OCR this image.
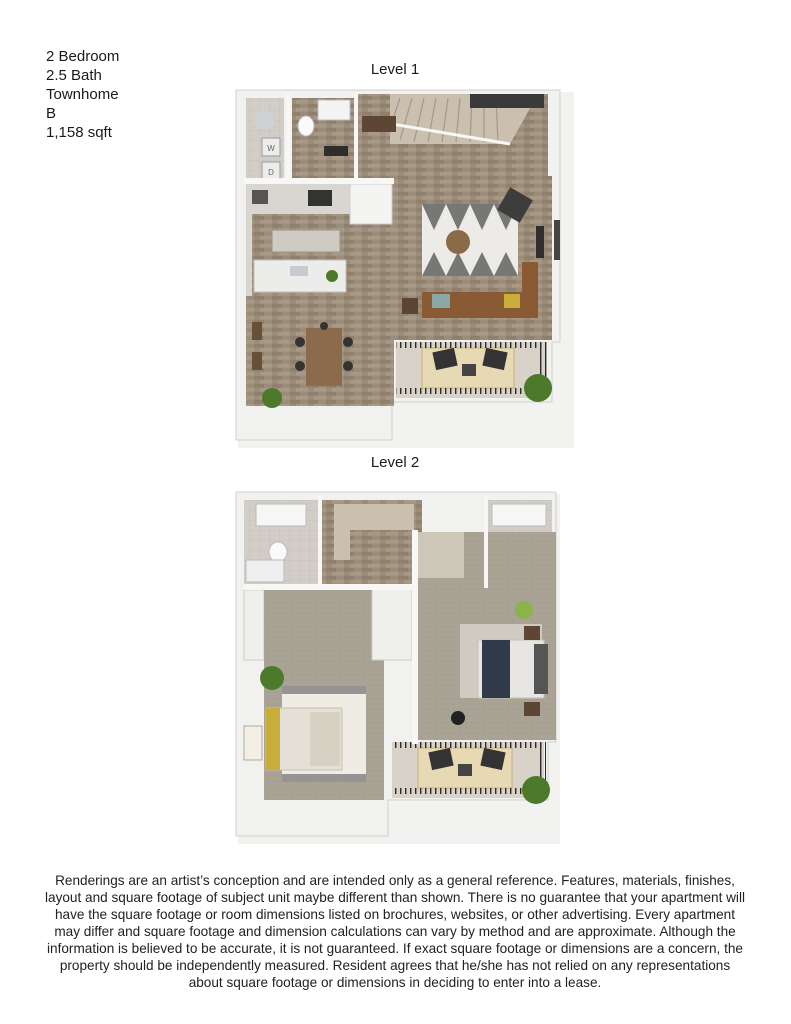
2 Bedroom
2.5 Bath
Townhome
B
1,158 sqft
Level 1
W
D
Level 2

Renderings are an artist’s conception and are intended only as a general reference. Features, materials, finishes, layout and square footage of subject unit maybe different than shown. There is no guarantee that your apartment will have the square footage or room dimensions listed on brochures, websites, or other advertising. Every apartment may differ and square footage and dimension calculations can vary by method and are approximate. Although the information is believed to be accurate, it is not guaranteed. If exact square footage or dimensions are a concern, the property should be independently measured. Resident agrees that he/she has not relied on any representations about square footage or dimensions in deciding to enter into a lease.
